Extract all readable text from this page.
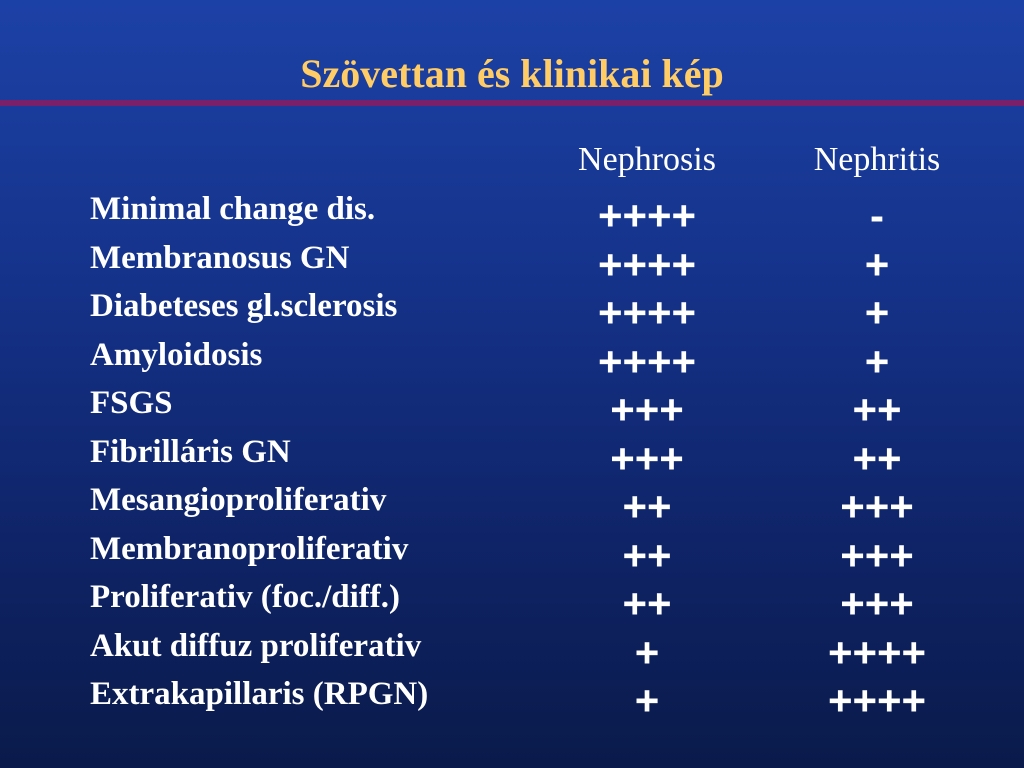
Szövettan és klinikai kép
Nephrosis	Nephritis
Minimal change dis.	++++	-
Membranosus GN	++++	+
Diabeteses gl.sclerosis	++++	+
Amyloidosis	++++	+
FSGS	+++	++
Fibrilláris GN	+++	++
Mesangioproliferativ	++	+++
Membranoproliferativ	++	+++
Proliferativ (foc./diff.)	++	+++
Akut diffuz proliferativ	+	++++
Extrakapillaris (RPGN)	+	++++
